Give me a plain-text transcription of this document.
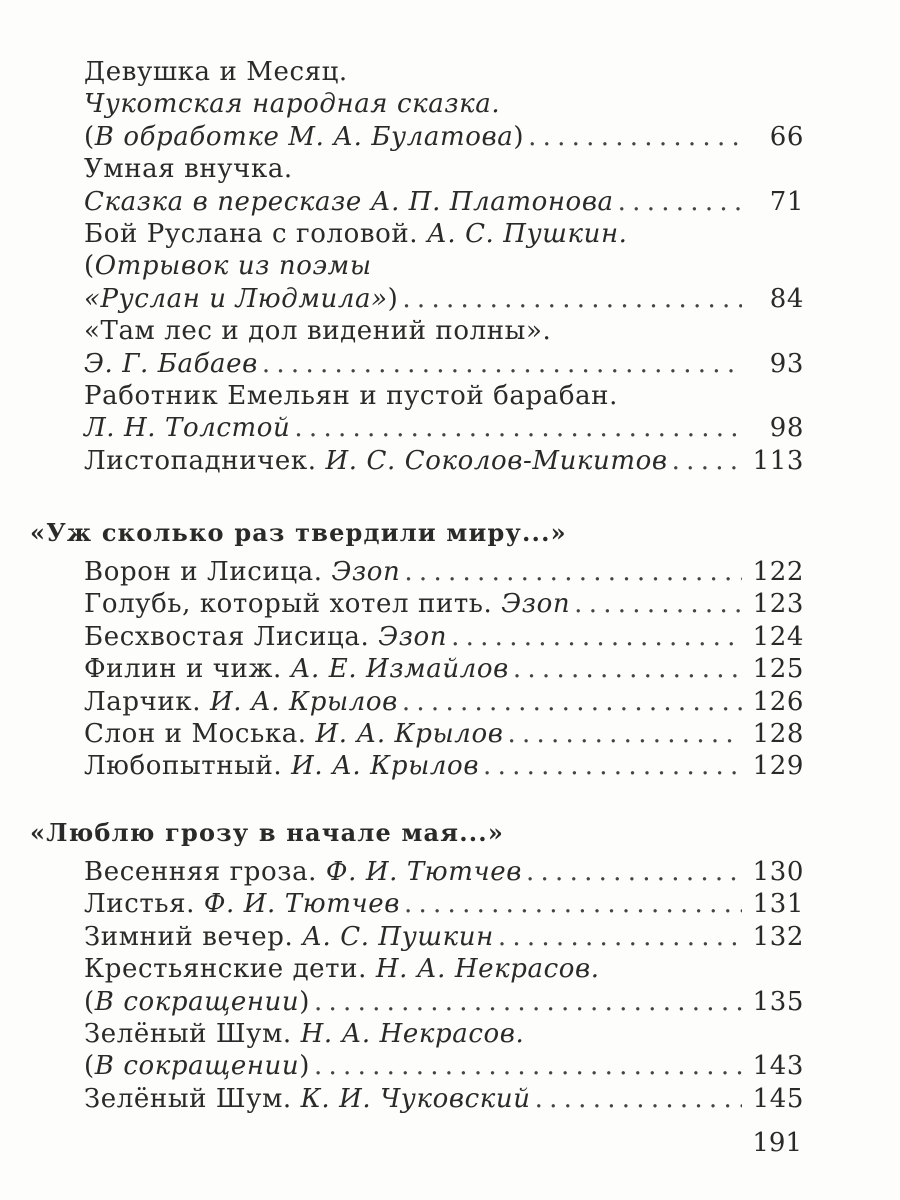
Девушка и Месяц.
Чукотская народная сказка.
(В обработке М. А. Булатова) . . .	66
Умная внучка.
Сказка в пересказе А. П. Платонова . . .	71
Бой Руслана с головой. А. С. Пушкин.
(Отрывок из поэмы
«Руслан и Людмила») . . .	84
«Там лес и дол видений полны».
Э. Г. Бабаев . . .	93
Работник Емельян и пустой барабан.
Л. Н. Толстой . . .	98
Листопадничек. И. С. Соколов-Микитов . . .	113
«Уж сколько раз твердили миру...»
Ворон и Лисица. Эзоп . . .	122
Голубь, который хотел пить. Эзоп . . .	123
Бесхвостая Лисица. Эзоп . . .	124
Филин и чиж. А. Е. Измайлов . . .	125
Ларчик. И. А. Крылов . . .	126
Слон и Моська. И. А. Крылов . . .	128
Любопытный. И. А. Крылов . . .	129
«Люблю грозу в начале мая...»
Весенняя гроза. Ф. И. Тютчев . . .	130
Листья. Ф. И. Тютчев . . .	131
Зимний вечер. А. С. Пушкин . . .	132
Крестьянские дети. Н. А. Некрасов.
(В сокращении) . . .	135
Зелёный Шум. Н. А. Некрасов.
(В сокращении) . . .	143
Зелёный Шум. К. И. Чуковский . . .	145
191
